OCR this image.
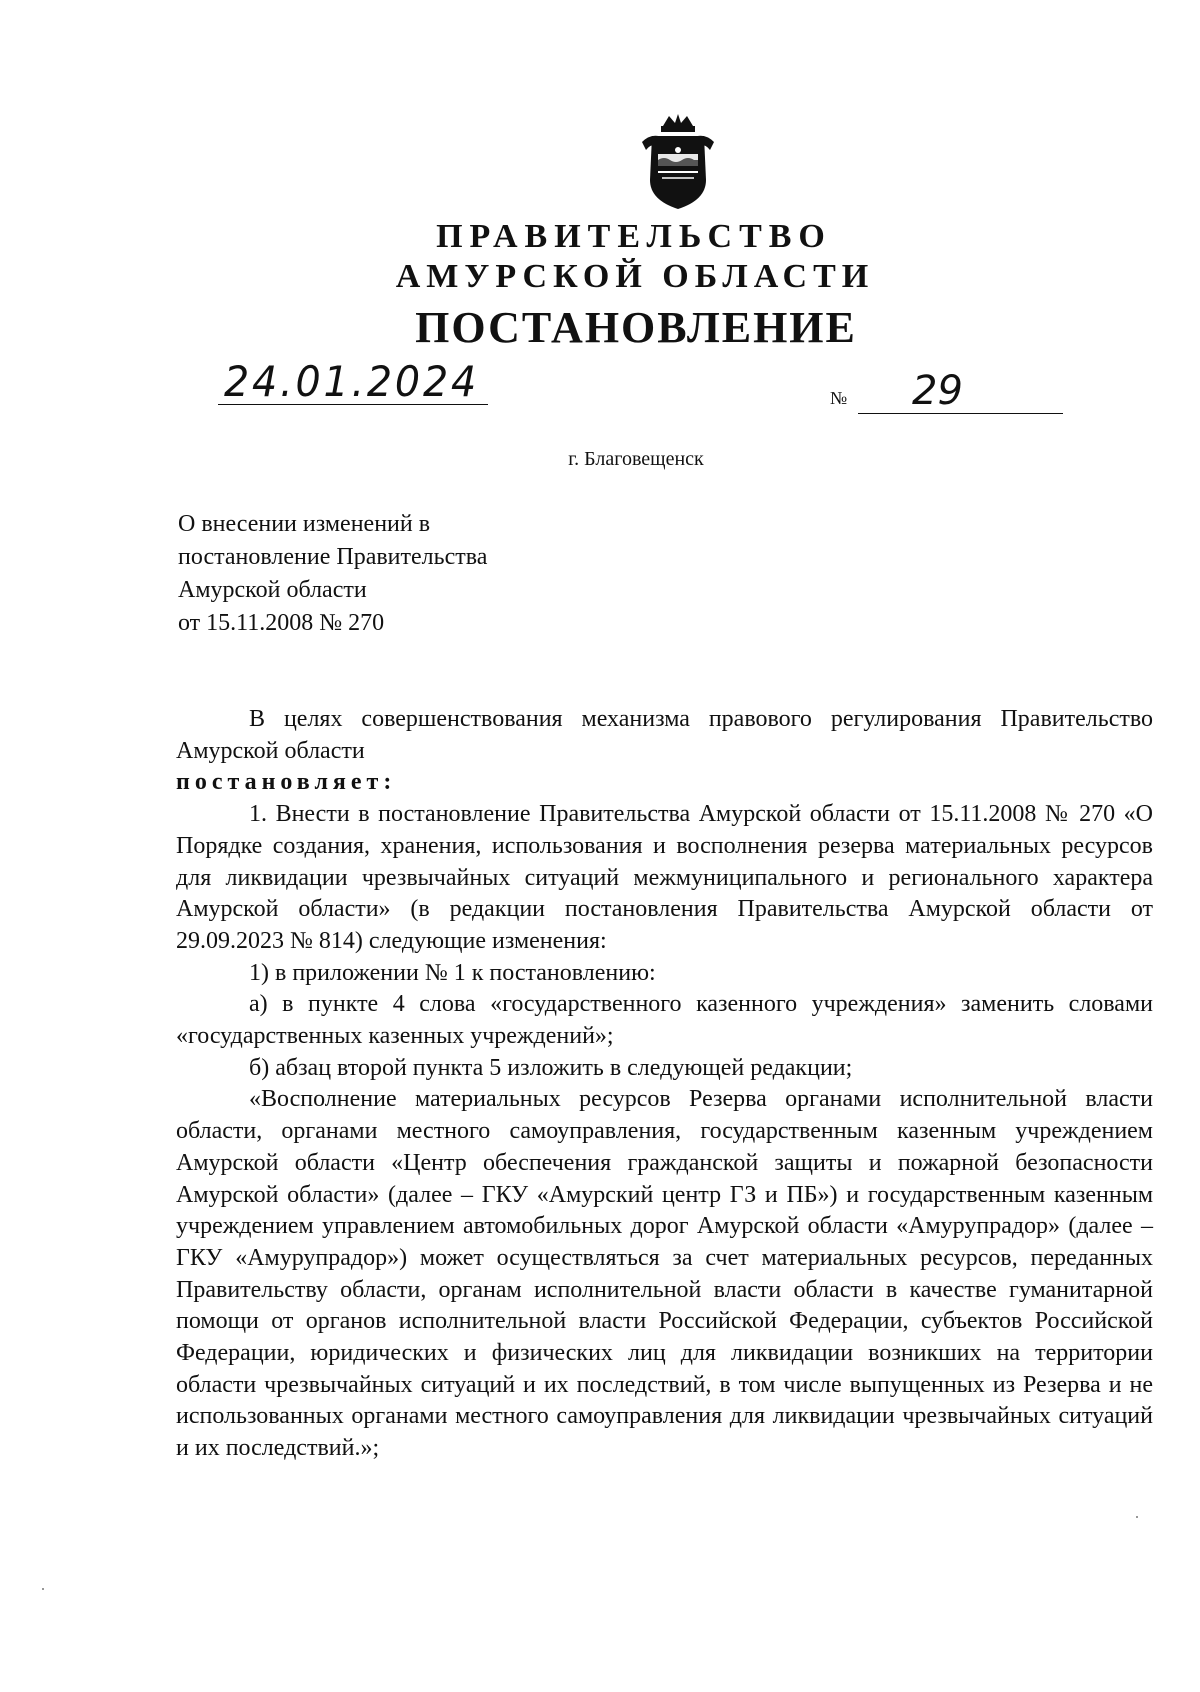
ПРАВИТЕЛЬСТВО
АМУРСКОЙ ОБЛАСТИ
ПОСТАНОВЛЕНИЕ
24.01.2024	№ 29
г. Благовещенск
О внесении изменений в
постановление Правительства
Амурской области
от 15.11.2008 № 270

В целях совершенствования механизма правового регулирования Правительство Амурской области

постановляет:

1. Внести в постановление Правительства Амурской области от 15.11.2008 № 270 «О Порядке создания, хранения, использования и восполнения резерва материальных ресурсов для ликвидации чрезвычайных ситуаций межмуниципального и регионального характера Амурской области» (в редакции постановления Правительства Амурской области от 29.09.2023 № 814) следующие изменения:

1) в приложении № 1 к постановлению:

а) в пункте 4 слова «государственного казенного учреждения» заменить словами «государственных казенных учреждений»;

б) абзац второй пункта 5 изложить в следующей редакции;

«Восполнение материальных ресурсов Резерва органами исполнительной власти области, органами местного самоуправления, государственным казенным учреждением Амурской области «Центр обеспечения гражданской защиты и пожарной безопасности Амурской области» (далее – ГКУ «Амурский центр ГЗ и ПБ») и государственным казенным учреждением управлением автомобильных дорог Амурской области «Амурупрадор» (далее – ГКУ «Амурупрадор») может осуществляться за счет материальных ресурсов, переданных Правительству области, органам исполнительной власти области в качестве гуманитарной помощи от органов исполнительной власти Российской Федерации, субъектов Российской Федерации, юридических и физических лиц для ликвидации возникших на территории области чрезвычайных ситуаций и их последствий, в том числе выпущенных из Резерва и не использованных органами местного самоуправления для ликвидации чрезвычайных ситуаций и их последствий.»;
